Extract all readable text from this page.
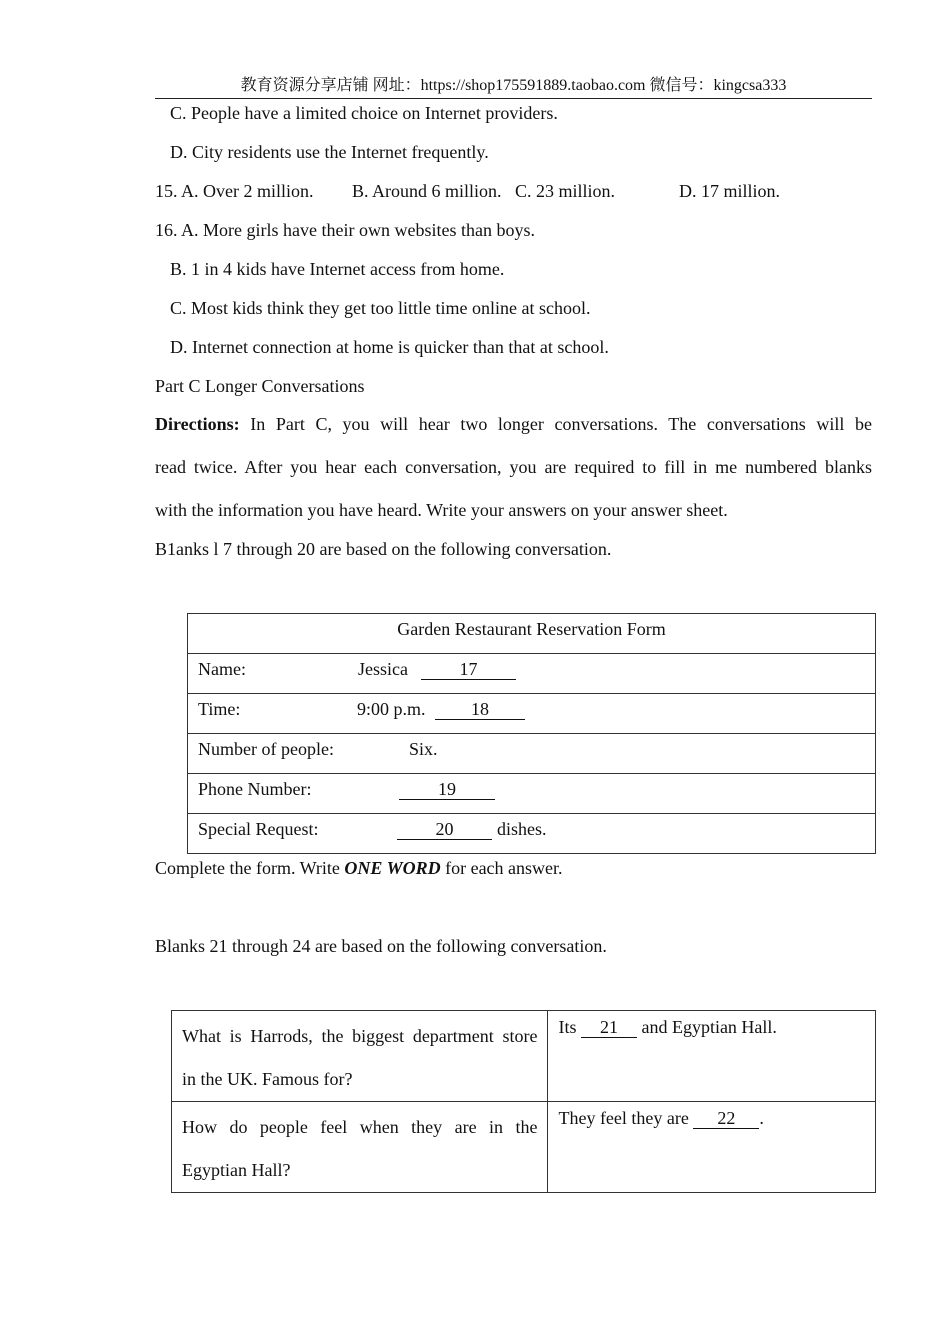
教育资源分享店铺 网址：https://shop175591889.taobao.com 微信号：kingcsa333
C. People have a limited choice on Internet providers.
D. City residents use the Internet frequently.
15. A. Over 2 million. B. Around 6 million. C. 23 million.	D. 17 million.
16. A. More girls have their own websites than boys.
B. 1 in 4 kids have Internet access from home.
C. Most kids think they get too little time online at school.
D. Internet connection at home is quicker than that at school.
Part C Longer Conversations
Directions: In Part C, you will hear two longer conversations. The conversations will be
read twice. After you hear each conversation, you are required to fill in me numbered blanks
with the information you have heard. Write your answers on your answer sheet.
B1anks l 7 through 20 are based on the following conversation.
Garden Restaurant Reservation Form

Name:	Jessica	17

Time:	9:00 p.m.	18

Number of people:	Six.

Phone Number:	19

Special Request:	20	dishes.
Complete the form. Write ONE WORD for each answer.
Blanks 21 through 24 are based on the following conversation.
What is Harrods, the biggest department store
in the UK. Famous for?	Its 21 and Egyptian Hall.

How do people feel when they are in the
Egyptian Hall?	They feel they are 22 .
